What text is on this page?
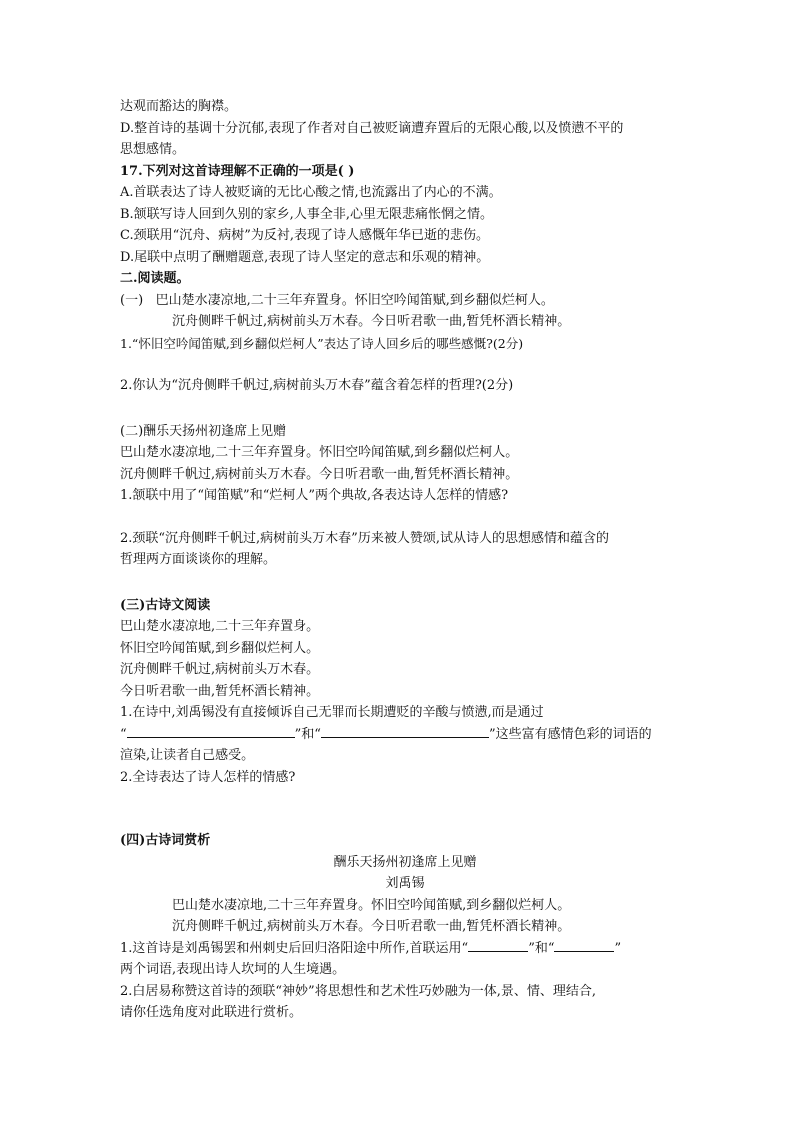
达观而豁达的胸襟。
D.整首诗的基调十分沉郁,表现了作者对自己被贬谪遭弃置后的无限心酸,以及愤懑不平的
思想感情。
17.下列对这首诗理解不正确的一项是( )
A.首联表达了诗人被贬谪的无比心酸之情,也流露出了内心的不满。
B.颔联写诗人回到久别的家乡,人事全非,心里无限悲痛怅惘之情。
C.颈联用“沉舟、病树”为反衬,表现了诗人感慨年华已逝的悲伤。
D.尾联中点明了酬赠题意,表现了诗人坚定的意志和乐观的精神。
二.阅读题。
(一) 巴山楚水凄凉地,二十三年弃置身。怀旧空吟闻笛赋,到乡翻似烂柯人。
沉舟侧畔千帆过,病树前头万木春。今日听君歌一曲,暂凭杯酒长精神。
1.“怀旧空吟闻笛赋,到乡翻似烂柯人”表达了诗人回乡后的哪些感慨?(2分)
2.你认为“沉舟侧畔千帆过,病树前头万木春”蕴含着怎样的哲理?(2分)
(二)酬乐天扬州初逢席上见赠
巴山楚水凄凉地,二十三年弃置身。怀旧空吟闻笛赋,到乡翻似烂柯人。
沉舟侧畔千帆过,病树前头万木春。今日听君歌一曲,暂凭杯酒长精神。
1.颔联中用了“闻笛赋”和“烂柯人”两个典故,各表达诗人怎样的情感?
2.颈联“沉舟侧畔千帆过,病树前头万木春”历来被人赞颂,试从诗人的思想感情和蕴含的
哲理两方面谈谈你的理解。
(三)古诗文阅读
巴山楚水凄凉地,二十三年弃置身。
怀旧空吟闻笛赋,到乡翻似烂柯人。
沉舟侧畔千帆过,病树前头万木春。
今日听君歌一曲,暂凭杯酒长精神。
1.在诗中,刘禹锡没有直接倾诉自己无罪而长期遭贬的辛酸与愤懑,而是通过
“	”和“	”这些富有感情色彩的词语的
渲染,让读者自己感受。
2.全诗表达了诗人怎样的情感?
(四)古诗词赏析
酬乐天扬州初逢席上见赠
刘禹锡
巴山楚水凄凉地,二十三年弃置身。怀旧空吟闻笛赋,到乡翻似烂柯人。
沉舟侧畔千帆过,病树前头万木春。今日听君歌一曲,暂凭杯酒长精神。
1.这首诗是刘禹锡罢和州刺史后回归洛阳途中所作,首联运用“	”和“	”
两个词语,表现出诗人坎坷的人生境遇。
2.白居易称赞这首诗的颈联“神妙”将思想性和艺术性巧妙融为一体,景、情、理结合,
请你任选角度对此联进行赏析。
